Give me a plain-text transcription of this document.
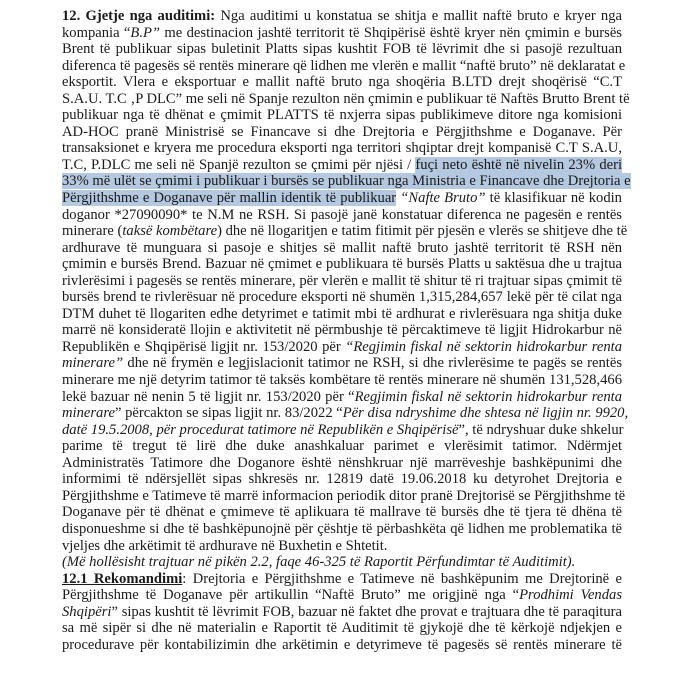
12. Gjetje nga auditimi: Nga auditimi u konstatua se shitja e mallit naftë bruto e kryer nga
kompania “B.P” me destinacion jashtë territorit të Shqipërisë është kryer nën çmimin e bursës
Brent të publikuar sipas buletinit Platts sipas kushtit FOB të lëvrimit dhe si pasojë rezultuan
diferenca të pagesës së rentës minerare që lidhen me vlerën e mallit “naftë bruto” në deklaratat e
eksportit. Vlera e eksportuar e mallit naftë bruto nga shoqëria B.LTD drejt shoqërisë “C.T
S.A.U. T.C ‚P DLC” me seli në Spanje rezulton nën çmimin e publikuar të Naftës Brutto Brent të
publikuar nga të dhënat e çmimit PLATTS të nxjerra sipas publikimeve ditore nga komisioni
AD-HOC pranë Ministrisë se Financave si dhe Drejtoria e Përgjithshme e Doganave. Për
transaksionet e kryera me procedura eksporti nga territori shqiptar drejt kompanisë C.T S.A.U,
T.C, P.DLC me seli në Spanjë rezulton se çmimi për njësi / fuçi neto është në nivelin 23% deri
33% më ulët se çmimi i publikuar i bursës se publikuar nga Ministria e Financave dhe Drejtoria e
Përgjithshme e Doganave për mallin identik të publikuar “Nafte Bruto” të klasifikuar në kodin
doganor *27090090* te N.M ne RSH. Si pasojë janë konstatuar diferenca ne pagesën e rentës
minerare (taksë kombëtare) dhe në llogaritjen e tatim fitimit për pjesën e vlerës se shitjeve dhe të
ardhurave të munguara si pasoje e shitjes së mallit naftë bruto jashtë territorit të RSH nën
çmimin e bursës Brend. Bazuar në çmimet e publikuara të bursës Platts u saktësua dhe u trajtua
rivlerësimi i pagesës se rentës minerare, për vlerën e mallit të shitur të ri trajtuar sipas çmimit të
bursës brend te rivlerësuar në procedure eksporti në shumën 1,315,284,657 lekë për të cilat nga
DTM duhet të llogariten edhe detyrimet e tatimit mbi të ardhurat e rivlerësuara nga shitja duke
marrë në konsideratë llojin e aktivitetit në përmbushje të përcaktimeve të ligjit Hidrokarbur në
Republikën e Shqipërisë ligjit nr. 153/2020 për “Regjimin fiskal në sektorin hidrokarbur renta
minerare” dhe në frymën e legjislacionit tatimor ne RSH, si dhe rivlerësime te pagës se rentës
minerare me një detyrim tatimor të taksës kombëtare të rentës minerare në shumën 131,528,466
lekë bazuar në nenin 5 të ligjit nr. 153/2020 për “Regjimin fiskal në sektorin hidrokarbur renta
minerare” përcakton se sipas ligjit nr. 83/2022 “Për disa ndryshime dhe shtesa në ligjin nr. 9920,
datë 19.5.2008, për procedurat tatimore në Republikën e Shqipërisë”, të ndryshuar duke shkelur
parime të tregut të lirë dhe duke anashkaluar parimet e vlerësimit tatimor. Ndërmjet
Administratës Tatimore dhe Doganore është nënshkruar një marrëveshje bashkëpunimi dhe
informimi të ndërsjellët sipas shkresës nr. 12819 datë 19.06.2018 ku detyrohet Drejtoria e
Përgjithshme e Tatimeve të marrë informacion periodik ditor pranë Drejtorisë se Përgjithshme të
Doganave për të dhënat e çmimeve të aplikuara të mallrave të bursës dhe të tjera të dhëna të
disponueshme si dhe të bashkëpunojnë për çështje të përbashkëta që lidhen me problematika të
vjeljes dhe arkëtimit të ardhurave në Buxhetin e Shtetit.
(Më hollësisht trajtuar në pikën 2.2, faqe 46-325 të Raportit Përfundimtar të Auditimit).
12.1 Rekomandimi: Drejtoria e Përgjithshme e Tatimeve në bashkëpunim me Drejtorinë e
Përgjithshme të Doganave për artikullin “Naftë Bruto” me origjinë nga “Prodhimi Vendas
Shqipëri” sipas kushtit të lëvrimit FOB, bazuar në faktet dhe provat e trajtuara dhe të paraqitura
sa më sipër si dhe në materialin e Raportit të Auditimit të gjykojë dhe të kërkojë ndjekjen e
procedurave për kontabilizimin dhe arkëtimin e detyrimeve të pagesës së rentës minerare të
